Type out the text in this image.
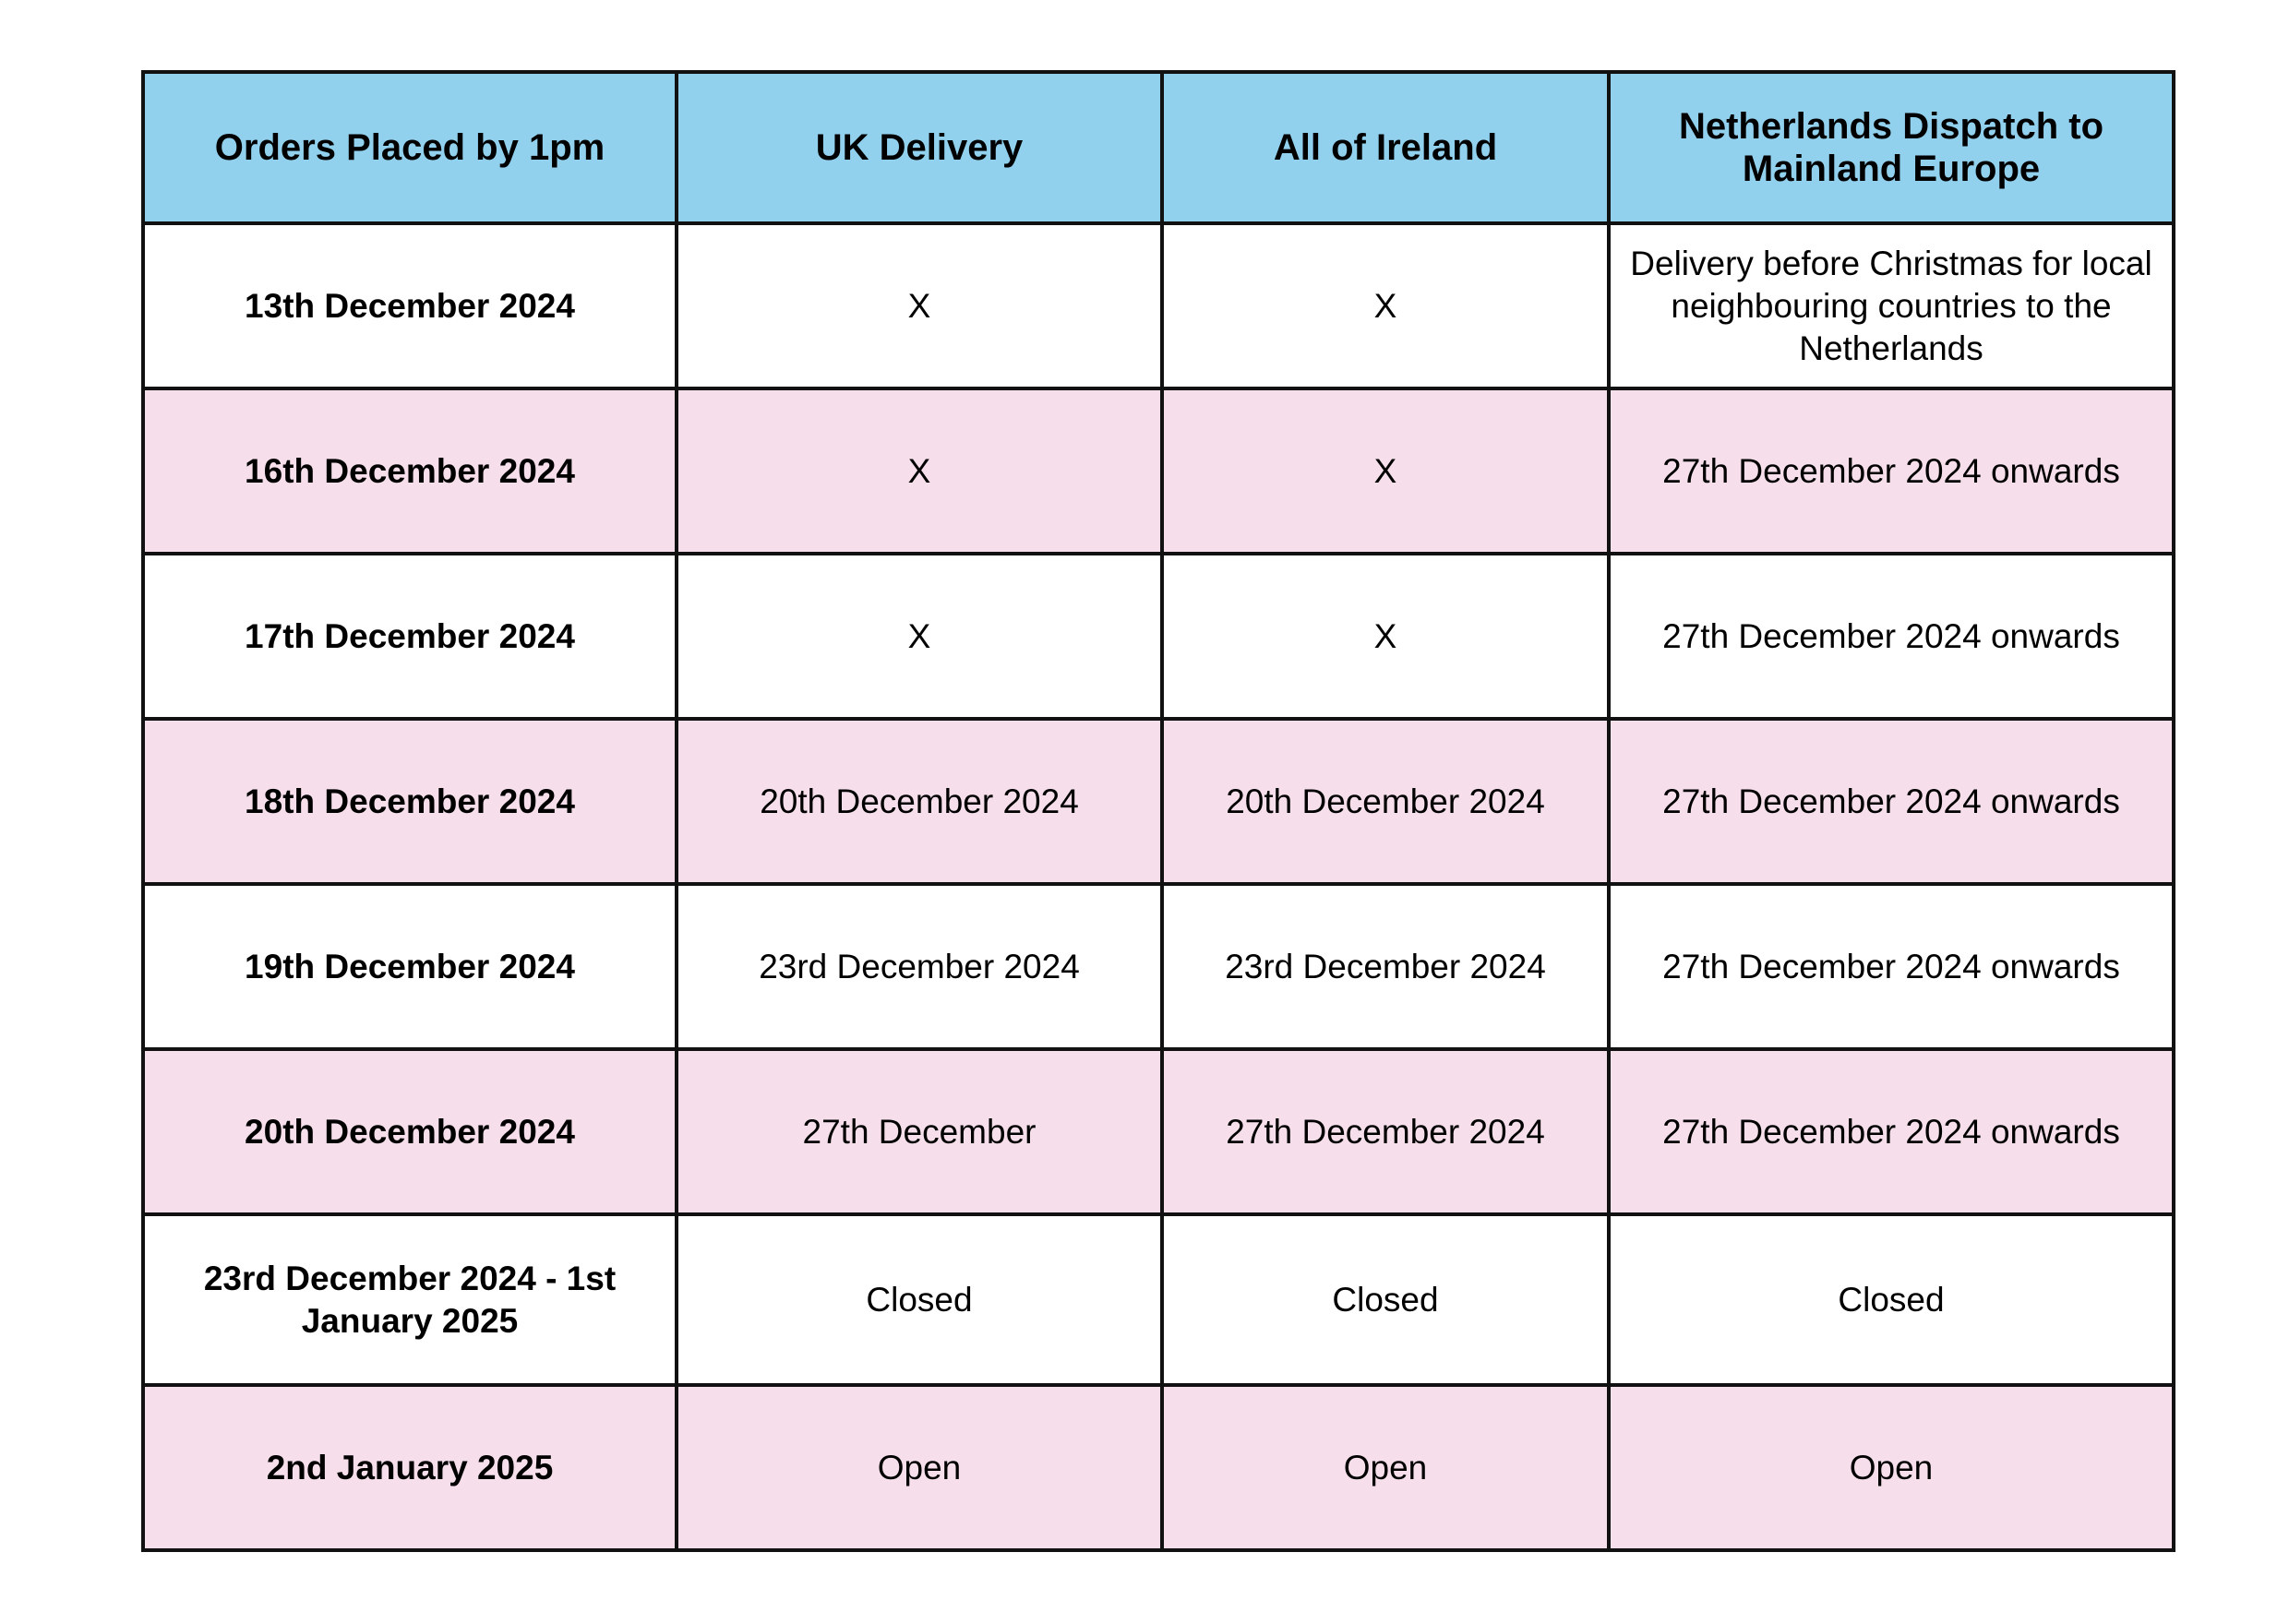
Orders Placed by 1pm	UK Delivery	All of Ireland	Netherlands Dispatch to Mainland Europe
13th December 2024	X	X	Delivery before Christmas for local neighbouring countries to the Netherlands
16th December 2024	X	X	27th December 2024 onwards
17th December 2024	X	X	27th December 2024 onwards
18th December 2024	20th December 2024	20th December 2024	27th December 2024 onwards
19th December 2024	23rd December 2024	23rd December 2024	27th December 2024 onwards
20th December 2024	27th December	27th December 2024	27th December 2024 onwards
23rd December 2024 - 1st January 2025	Closed	Closed	Closed
2nd January 2025	Open	Open	Open
